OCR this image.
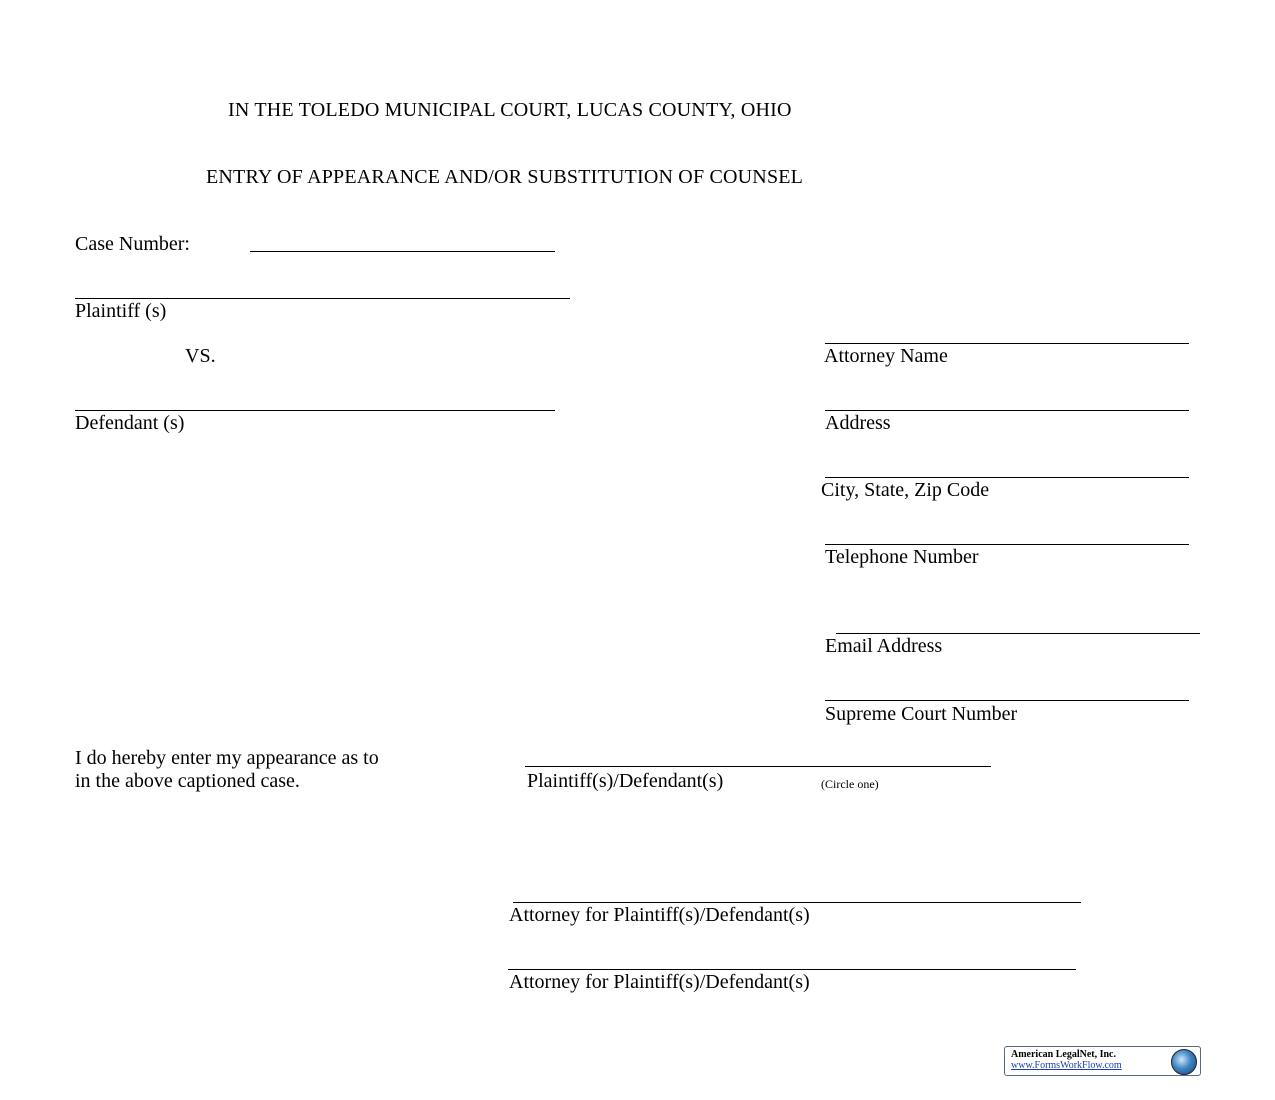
IN THE TOLEDO MUNICIPAL COURT, LUCAS COUNTY, OHIO
ENTRY OF APPEARANCE AND/OR SUBSTITUTION OF COUNSEL
Case Number:
Plaintiff (s)
VS.
Defendant (s)
Attorney Name
Address
City, State, Zip Code
Telephone Number
Email Address
Supreme Court Number
I do hereby enter my appearance as to
in the above captioned case.	Plaintiff(s)/Defendant(s)	(Circle one)
Attorney for Plaintiff(s)/Defendant(s)
Attorney for Plaintiff(s)/Defendant(s)
American LegalNet, Inc.
www.FormsWorkFlow.com
